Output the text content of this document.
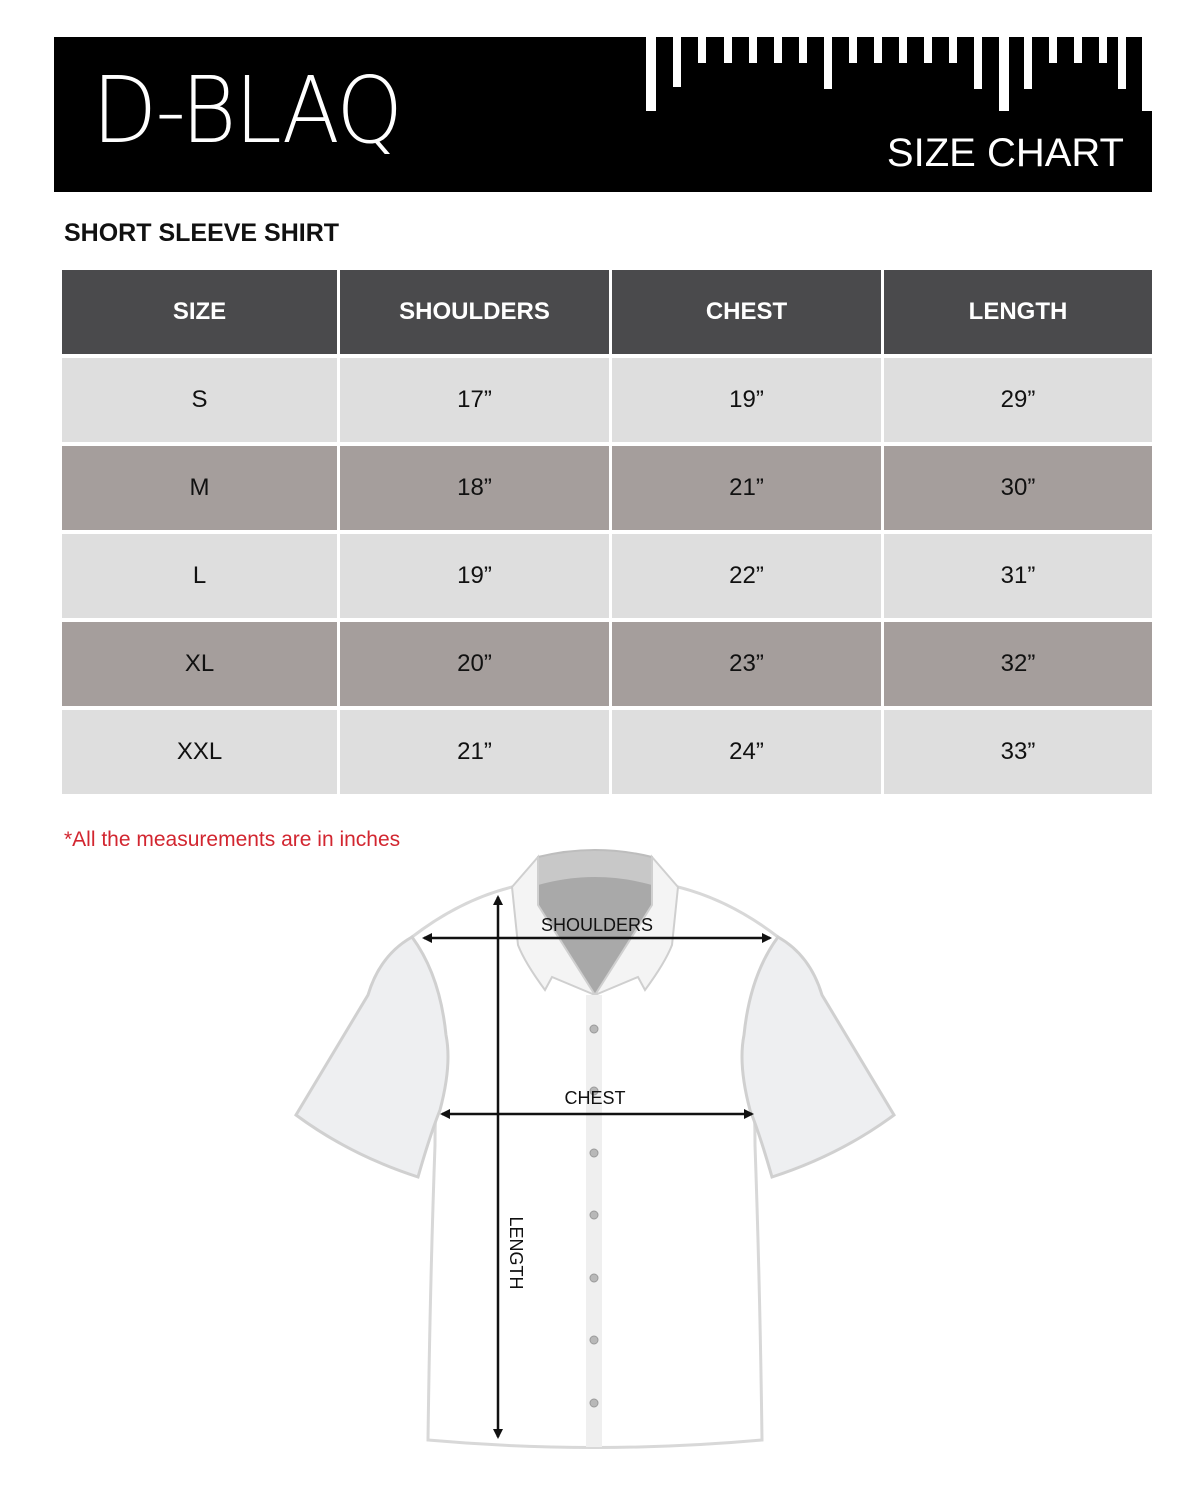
D-BLAQ	SIZE CHART
SHORT SLEEVE SHIRT
SIZE	SHOULDERS	CHEST	LENGTH
S	17”	19”	29”
M	18”	21”	30”
L	19”	22”	31”
XL	20”	23”	32”
XXL	21”	24”	33”
*All the measurements are in inches
SHOULDERS
CHEST
LENGTH
